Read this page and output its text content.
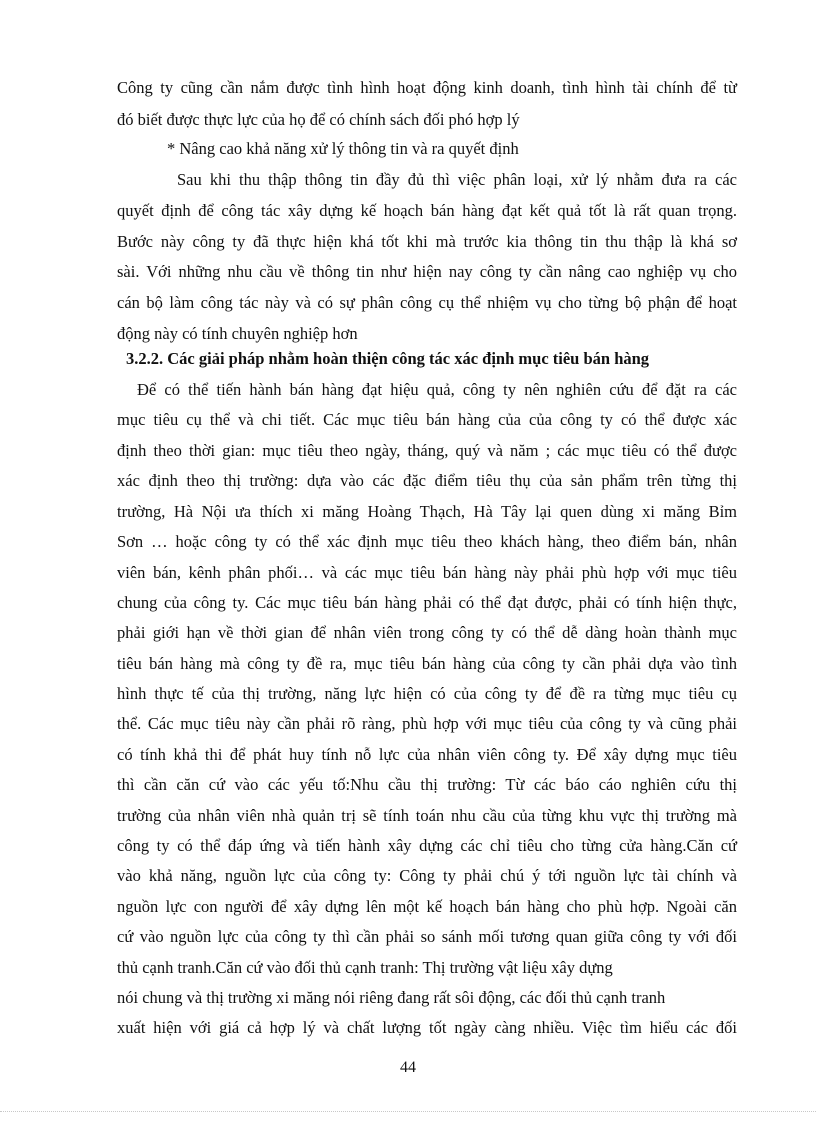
Công ty cũng cần nắm được tình hình hoạt động kinh doanh, tình hình tài chính để từ
đó biết được thực lực của họ để có chính sách đối phó hợp lý
* Nâng cao khả năng xử lý thông tin và ra quyết định
Sau khi thu thập thông tin đầy đủ thì việc phân loại, xử lý nhằm đưa ra các
quyết định để công tác xây dựng kế hoạch bán hàng đạt kết quả tốt là rất quan trọng.
Bước này công ty đã thực hiện khá tốt khi mà trước kia thông tin thu thập là khá sơ
sài. Với những nhu cầu về thông tin như hiện nay công ty cần nâng cao nghiệp vụ cho
cán bộ làm công tác này và có sự phân công cụ thể nhiệm vụ cho từng bộ phận để hoạt
động này có tính chuyên nghiệp hơn
3.2.2. Các giải pháp nhằm hoàn thiện công tác xác định mục tiêu bán hàng
Để có thể tiến hành bán hàng đạt hiệu quả, công ty nên nghiên cứu để đặt ra các
mục tiêu cụ thể và chi tiết. Các mục tiêu bán hàng của của công ty có thể được xác
định theo thời gian: mục tiêu theo ngày, tháng, quý và năm ; các mục tiêu có thể được
xác định theo thị trường: dựa vào các đặc điểm tiêu thụ của sản phẩm trên từng thị
trường, Hà Nội ưa thích xi măng Hoàng Thạch, Hà Tây lại quen dùng xi măng Bỉm
Sơn … hoặc công ty có thể xác định mục tiêu theo khách hàng, theo điểm bán, nhân
viên bán, kênh phân phối… và các mục tiêu bán hàng này phải phù hợp với mục tiêu
chung của công ty. Các mục tiêu bán hàng phải có thể đạt được, phải có tính hiện thực,
phải giới hạn về thời gian để nhân viên trong công ty có thể dễ dàng hoàn thành mục
tiêu bán hàng mà công ty đề ra, mục tiêu bán hàng của công ty cần phải dựa vào tình
hình thực tế của thị trường, năng lực hiện có của công ty để đề ra từng mục tiêu cụ
thể. Các mục tiêu này cần phải rõ ràng, phù hợp với mục tiêu của công ty và cũng phải
có tính khả thi để phát huy tính nỗ lực của nhân viên công ty. Để xây dựng mục tiêu
thì cần căn cứ vào các yếu tố:Nhu cầu thị trường: Từ các báo cáo nghiên cứu thị
trường của nhân viên nhà quản trị sẽ tính toán nhu cầu của từng khu vực thị trường mà
công ty có thể đáp ứng và tiến hành xây dựng các chỉ tiêu cho từng cửa hàng.Căn cứ
vào khả năng, nguồn lực của công ty: Công ty phải chú ý tới nguồn lực tài chính và
nguồn lực con người để xây dựng lên một kế hoạch bán hàng cho phù hợp. Ngoài căn
cứ vào nguồn lực của công ty thì cần phải so sánh mối tương quan giữa công ty với đối
thủ cạnh tranh.Căn cứ vào đối thủ cạnh tranh: Thị trường vật liệu xây dựng
nói chung và thị trường xi măng nói riêng đang rất sôi động, các đối thủ cạnh tranh
xuất hiện với giá cả hợp lý và chất lượng tốt ngày càng nhiều. Việc tìm hiểu các đối
44
